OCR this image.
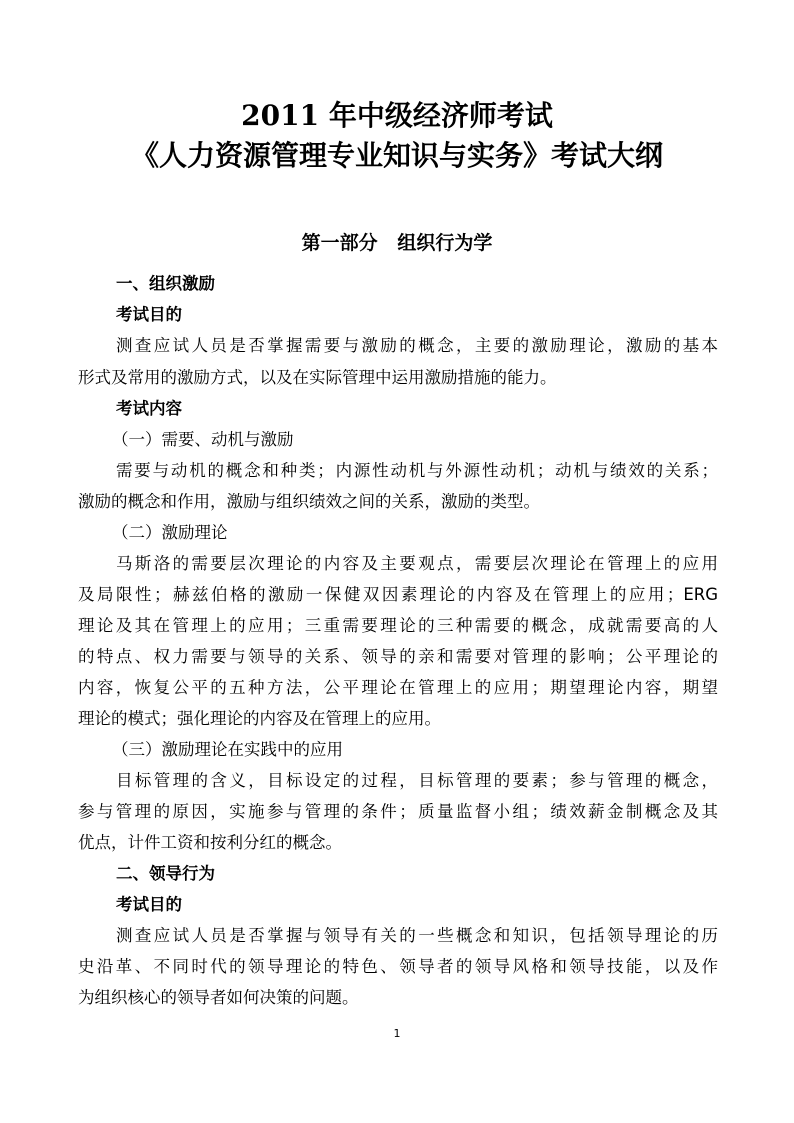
2011 年中级经济师考试
《人力资源管理专业知识与实务》考试大纲
第一部分   组织行为学
一、组织激励
考试目的
测查应试人员是否掌握需要与激励的概念，主要的激励理论，激励的基本
形式及常用的激励方式，以及在实际管理中运用激励措施的能力。
考试内容
（一）需要、动机与激励
需要与动机的概念和种类；内源性动机与外源性动机；动机与绩效的关系；
激励的概念和作用，激励与组织绩效之间的关系，激励的类型。
（二）激励理论
马斯洛的需要层次理论的内容及主要观点，需要层次理论在管理上的应用
及局限性；赫兹伯格的激励一保健双因素理论的内容及在管理上的应用；ERG
理论及其在管理上的应用；三重需要理论的三种需要的概念，成就需要高的人
的特点、权力需要与领导的关系、领导的亲和需要对管理的影响；公平理论的
内容，恢复公平的五种方法，公平理论在管理上的应用；期望理论内容，期望
理论的模式；强化理论的内容及在管理上的应用。
（三）激励理论在实践中的应用
目标管理的含义，目标设定的过程，目标管理的要素；参与管理的概念，
参与管理的原因，实施参与管理的条件；质量监督小组；绩效薪金制概念及其
优点，计件工资和按利分红的概念。
二、领导行为
考试目的
测查应试人员是否掌握与领导有关的一些概念和知识，包括领导理论的历
史沿革、不同时代的领导理论的特色、领导者的领导风格和领导技能，以及作
为组织核心的领导者如何决策的问题。
1
